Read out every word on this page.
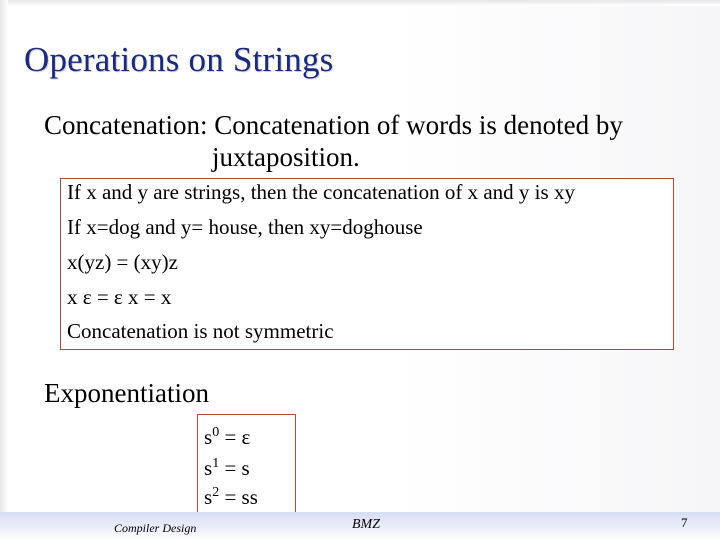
Operations on Strings
Concatenation: Concatenation of words is denoted by
juxtaposition.
If x and y are strings, then the concatenation of x and y is xy
If x=dog and y= house, then xy=doghouse
x(yz) = (xy)z
x ε = ε x = x
Concatenation is not symmetric
Exponentiation
$s^0 = \varepsilon$
$s^1 = s$
$s^2$ = ss
Compiler Design	BMZ	7
